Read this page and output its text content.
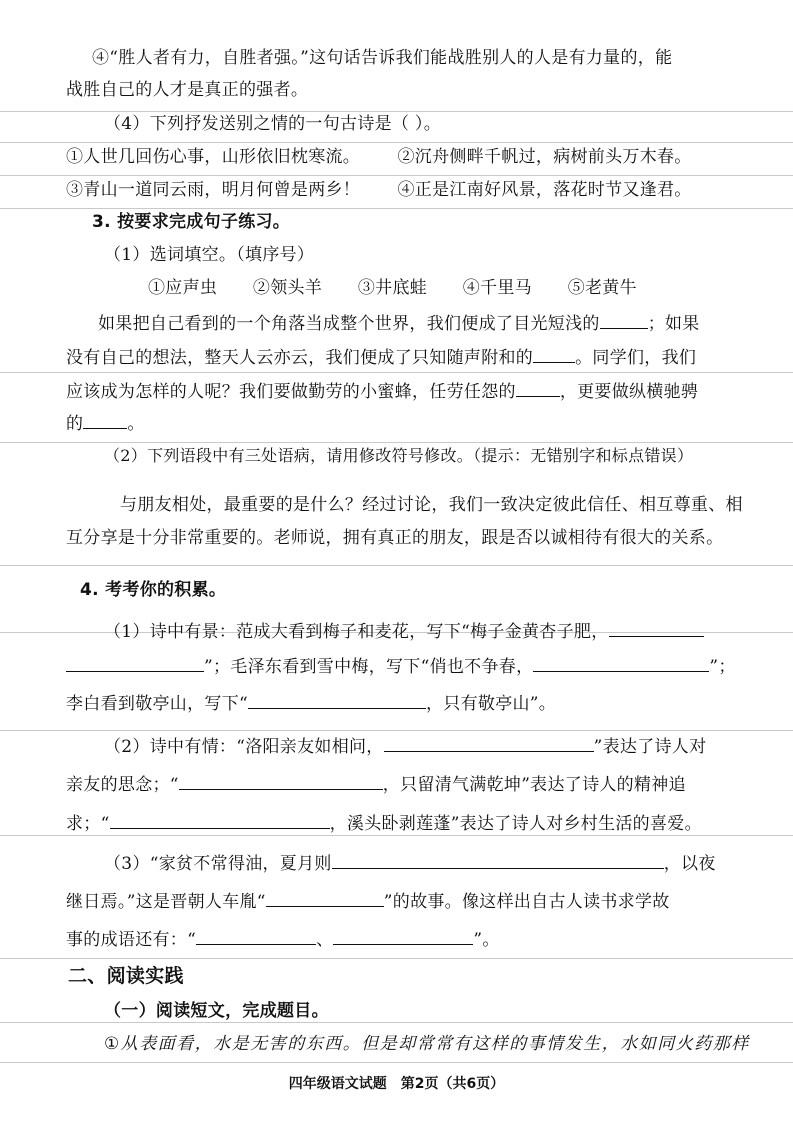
④“胜人者有力，自胜者强。”这句话告诉我们能战胜别人的人是有力量的，能
战胜自己的人才是真正的强者。
（4）下列抒发送别之情的一句古诗是（ ）。
①人世几回伤心事，山形依旧枕寒流。	②沉舟侧畔千帆过，病树前头万木春。
③青山一道同云雨，明月何曾是两乡！	④正是江南好风景，落花时节又逢君。
3. 按要求完成句子练习。
（1）选词填空。（填序号）
①应声虫 ②领头羊 ③井底蛙 ④千里马 ⑤老黄牛
如果把自己看到的一个角落当成整个世界，我们便成了目光短浅的	；如果
没有自己的想法，整天人云亦云，我们便成了只知随声附和的 。同学们，我们
应该成为怎样的人呢？我们要做勤劳的小蜜蜂，任劳任怨的	，更要做纵横驰骋
的	。
（2）下列语段中有三处语病，请用修改符号修改。（提示：无错别字和标点错误）
与朋友相处，最重要的是什么？经过讨论，我们一致决定彼此信任、相互尊重、相
互分享是十分非常重要的。老师说，拥有真正的朋友，跟是否以诚相待有很大的关系。
4. 考考你的积累。
（1）诗中有景：范成大看到梅子和麦花，写下“梅子金黄杏子肥，
”；毛泽东看到雪中梅，写下“俏也不争春，	”；
李白看到敬亭山，写下“	，只有敬亭山”。
（2）诗中有情：“洛阳亲友如相问，	”表达了诗人对
亲友的思念；“	，只留清气满乾坤”表达了诗人的精神追
求；“	，溪头卧剥莲蓬”表达了诗人对乡村生活的喜爱。
（3）“家贫不常得油，夏月则	，以夜
继日焉。”这是晋朝人车胤“	”的故事。像这样出自古人读书求学故
事的成语还有：“	、	”。
二、阅读实践
（一）阅读短文，完成题目。
①从表面看，水是无害的东西。但是却常常有这样的事情发生，水如同火药那样
四年级语文试题　第2页（共6页）
